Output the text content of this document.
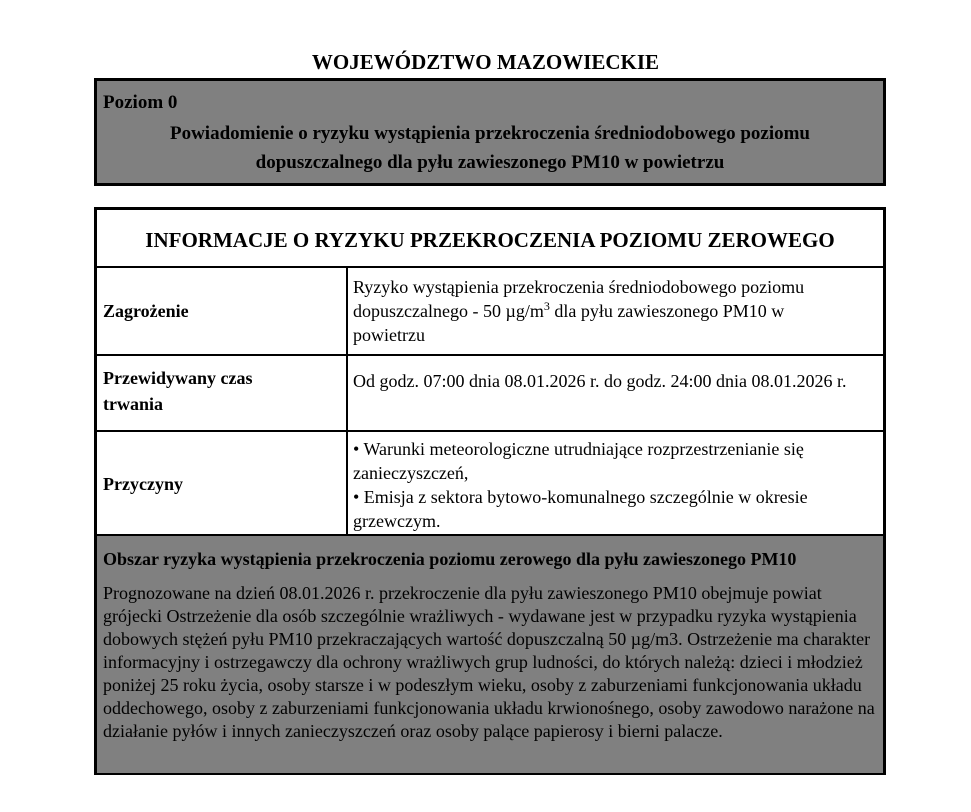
WOJEWÓDZTWO MAZOWIECKIE
Poziom 0
Powiadomienie o ryzyku wystąpienia przekroczenia średniodobowego poziomu
dopuszczalnego dla pyłu zawieszonego PM10 w powietrzu
INFORMACJE O RYZYKU PRZEKROCZENIA POZIOMU ZEROWEGO
Zagrożenie
Ryzyko wystąpienia przekroczenia średniodobowego poziomu
dopuszczalnego - 50 $\mu g/m^3$ dla pyłu zawieszonego PM10 w
powietrzu
Przewidywany czas
trwania
Od godz. 07:00 dnia 08.01.2026 r. do godz. 24:00 dnia 08.01.2026 r.
Przyczyny
• Warunki meteorologiczne utrudniające rozprzestrzenianie się zanieczyszczeń,
• Emisja z sektora bytowo-komunalnego szczególnie w okresie grzewczym.
Obszar ryzyka wystąpienia przekroczenia poziomu zerowego dla pyłu zawieszonego PM10
Prognozowane na dzień 08.01.2026 r. przekroczenie dla pyłu zawieszonego PM10 obejmuje powiat grójecki Ostrzeżenie dla osób szczególnie wrażliwych - wydawane jest w przypadku ryzyka wystąpienia dobowych stężeń pyłu PM10 przekraczających wartość dopuszczalną 50 µg/m3. Ostrzeżenie ma charakter informacyjny i ostrzegawczy dla ochrony wrażliwych grup ludności, do których należą: dzieci i młodzież poniżej 25 roku życia, osoby starsze i w podeszłym wieku, osoby z zaburzeniami funkcjonowania układu oddechowego, osoby z zaburzeniami funkcjonowania układu krwionośnego, osoby zawodowo narażone na działanie pyłów i innych zanieczyszczeń oraz osoby palące papierosy i bierni palacze.
